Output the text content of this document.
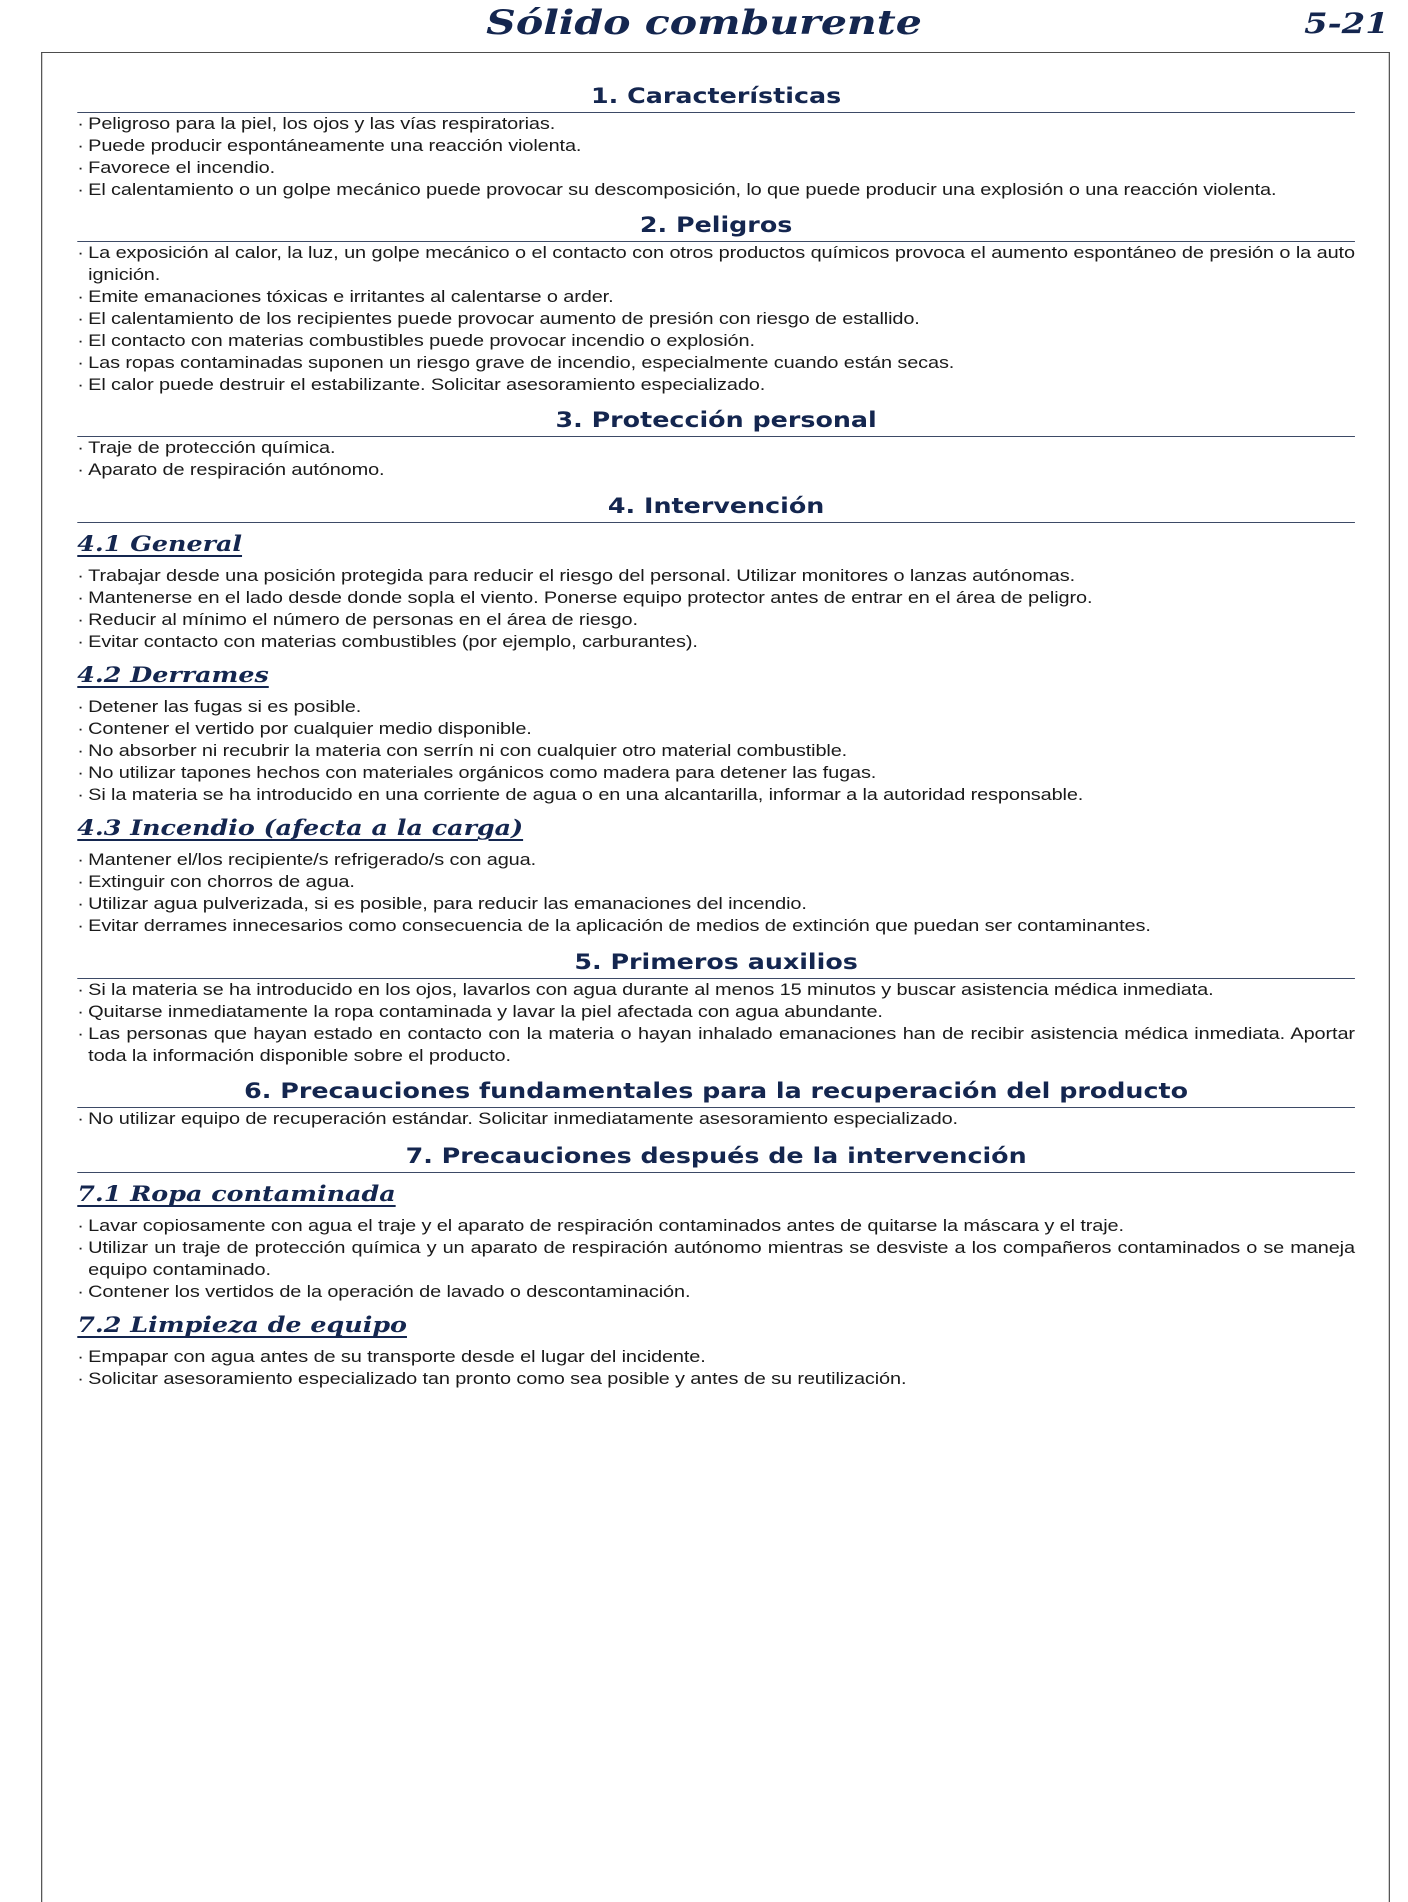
Sólido comburente	5-21
1. Características
· Peligroso para la piel, los ojos y las vías respiratorias.
· Puede producir espontáneamente una reacción violenta.
· Favorece el incendio.
· El calentamiento o un golpe mecánico puede provocar su descomposición, lo que puede producir una explosión o una reacción violenta.
2. Peligros
· La exposición al calor, la luz, un golpe mecánico o el contacto con otros productos químicos provoca el aumento espontáneo de presión o la auto ignición.
· Emite emanaciones tóxicas e irritantes al calentarse o arder.
· El calentamiento de los recipientes puede provocar aumento de presión con riesgo de estallido.
· El contacto con materias combustibles puede provocar incendio o explosión.
· Las ropas contaminadas suponen un riesgo grave de incendio, especialmente cuando están secas.
· El calor puede destruir el estabilizante. Solicitar asesoramiento especializado.
3. Protección personal
· Traje de protección química.
· Aparato de respiración autónomo.
4. Intervención
4.1 General
· Trabajar desde una posición protegida para reducir el riesgo del personal. Utilizar monitores o lanzas autónomas.
· Mantenerse en el lado desde donde sopla el viento. Ponerse equipo protector antes de entrar en el área de peligro.
· Reducir al mínimo el número de personas en el área de riesgo.
· Evitar contacto con materias combustibles (por ejemplo, carburantes).
4.2 Derrames
· Detener las fugas si es posible.
· Contener el vertido por cualquier medio disponible.
· No absorber ni recubrir la materia con serrín ni con cualquier otro material combustible.
· No utilizar tapones hechos con materiales orgánicos como madera para detener las fugas.
· Si la materia se ha introducido en una corriente de agua o en una alcantarilla, informar a la autoridad responsable.
4.3 Incendio (afecta a la carga)
· Mantener el/los recipiente/s refrigerado/s con agua.
· Extinguir con chorros de agua.
· Utilizar agua pulverizada, si es posible, para reducir las emanaciones del incendio.
· Evitar derrames innecesarios como consecuencia de la aplicación de medios de extinción que puedan ser contaminantes.
5. Primeros auxilios
· Si la materia se ha introducido en los ojos, lavarlos con agua durante al menos 15 minutos y buscar asistencia médica inmediata.
· Quitarse inmediatamente la ropa contaminada y lavar la piel afectada con agua abundante.
· Las personas que hayan estado en contacto con la materia o hayan inhalado emanaciones han de recibir asistencia médica inmediata. Aportar toda la información disponible sobre el producto.
6. Precauciones fundamentales para la recuperación del producto
· No utilizar equipo de recuperación estándar. Solicitar inmediatamente asesoramiento especializado.
7. Precauciones después de la intervención
7.1 Ropa contaminada
· Lavar copiosamente con agua el traje y el aparato de respiración contaminados antes de quitarse la máscara y el traje.
· Utilizar un traje de protección química y un aparato de respiración autónomo mientras se desviste a los compañeros contaminados o se maneja equipo contaminado.
· Contener los vertidos de la operación de lavado o descontaminación.
7.2 Limpieza de equipo
· Empapar con agua antes de su transporte desde el lugar del incidente.
· Solicitar asesoramiento especializado tan pronto como sea posible y antes de su reutilización.
